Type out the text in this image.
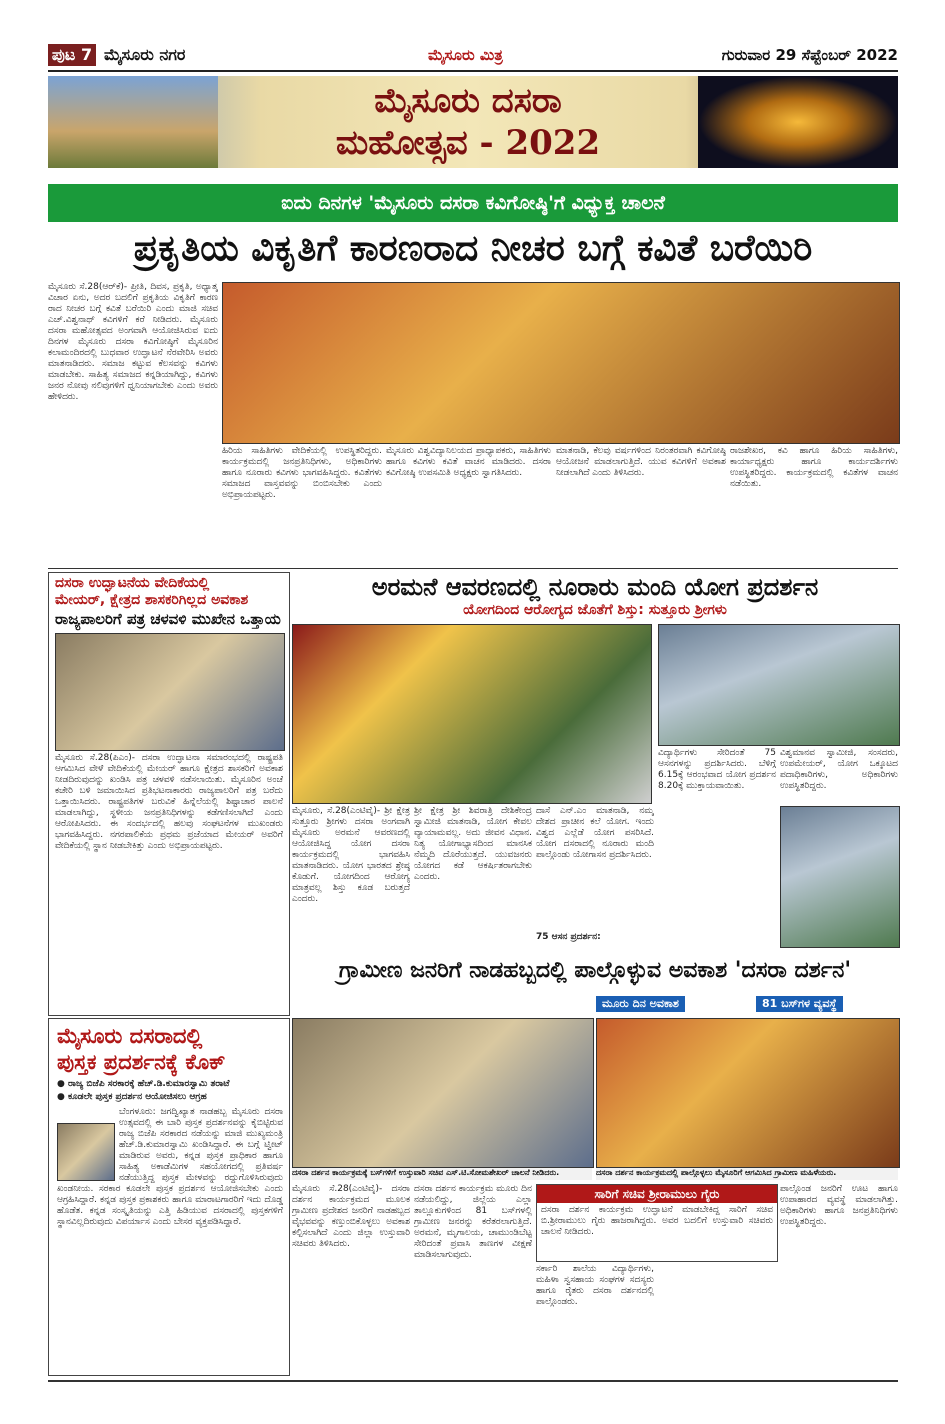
ಪುಟ 7 ಮೈಸೂರು ನಗರ	ಮೈಸೂರು ಮಿತ್ರ	ಗುರುವಾರ 29 ಸೆಪ್ಟೆಂಬರ್ 2022
ಮೈಸೂರು ದಸರಾ
ಮಹೋತ್ಸವ - 2022
ಐದು ದಿನಗಳ 'ಮೈಸೂರು ದಸರಾ ಕವಿಗೋಷ್ಠಿ'ಗೆ ವಿಧ್ಯುಕ್ತ ಚಾಲನೆ
ಪ್ರಕೃತಿಯ ವಿಕೃತಿಗೆ ಕಾರಣರಾದ ನೀಚರ ಬಗ್ಗೆ ಕವಿತೆ ಬರೆಯಿರಿ
ಮೈಸೂರು ಸೆ.28(ಆರ್‌ಕೆ)- ಪ್ರೀತಿ, ದಿವಸ, ಪ್ರಕೃತಿ, ಅಧ್ಯಾತ್ಮ ವಿಚಾರ ಏನು, ಅದರ ಬದಲಿಗೆ ಪ್ರಕೃತಿಯ ವಿಕೃತಿಗೆ ಕಾರಣ ರಾದ ನೀಚರ ಬಗ್ಗೆ ಕವಿತೆ ಬರೆಯಿರಿ ಎಂದು ಮಾಜಿ ಸಚಿವ ಎಚ್.ವಿಶ್ವನಾಥ್ ಕವಿಗಳಿಗೆ ಕರೆ ನೀಡಿದರು. ಮೈಸೂರು ದಸರಾ ಮಹೋತ್ಸವದ ಅಂಗವಾಗಿ ಆಯೋಜಿಸಿರುವ ಐದು ದಿನಗಳ ಮೈಸೂರು ದಸರಾ ಕವಿಗೋಷ್ಠಿಗೆ ಮೈಸೂರಿನ ಕಲಾಮಂದಿರದಲ್ಲಿ ಬುಧವಾರ ಉದ್ಘಾಟನೆ ನೆರವೇರಿಸಿ ಅವರು ಮಾತನಾಡಿದರು. ಸಮಾಜ ಕಟ್ಟುವ ಕೆಲಸವನ್ನು ಕವಿಗಳು ಮಾಡಬೇಕು. ಸಾಹಿತ್ಯ ಸಮಾಜದ ಕನ್ನಡಿಯಾಗಿದ್ದು, ಕವಿಗಳು ಜನರ ನೋವು ನಲಿವುಗಳಿಗೆ ಧ್ವನಿಯಾಗಬೇಕು ಎಂದು ಅವರು ಹೇಳಿದರು.
ಹಿರಿಯ ಸಾಹಿತಿಗಳು ವೇದಿಕೆಯಲ್ಲಿ ಉಪಸ್ಥಿತರಿದ್ದರು. ಕಾರ್ಯಕ್ರಮದಲ್ಲಿ ಜನಪ್ರತಿನಿಧಿಗಳು, ಅಧಿಕಾರಿಗಳು ಹಾಗೂ ನೂರಾರು ಕವಿಗಳು ಭಾಗವಹಿಸಿದ್ದರು. ಕವಿತೆಗಳು ಸಮಾಜದ ವಾಸ್ತವವನ್ನು ಬಿಂಬಿಸಬೇಕು ಎಂದು ಅಭಿಪ್ರಾಯಪಟ್ಟರು.
ಮೈಸೂರು ವಿಶ್ವವಿದ್ಯಾನಿಲಯದ ಪ್ರಾಧ್ಯಾಪಕರು, ಸಾಹಿತಿಗಳು ಹಾಗೂ ಕವಿಗಳು ಕವಿತೆ ವಾಚನ ಮಾಡಿದರು. ದಸರಾ ಕವಿಗೋಷ್ಠಿ ಉಪಸಮಿತಿ ಅಧ್ಯಕ್ಷರು ಸ್ವಾಗತಿಸಿದರು.
ಮಾತನಾಡಿ, ಕೆಲವು ವರ್ಷಗಳಿಂದ ನಿರಂತರವಾಗಿ ಕವಿಗೋಷ್ಠಿ ಆಯೋಜನೆ ಮಾಡಲಾಗುತ್ತಿದೆ. ಯುವ ಕವಿಗಳಿಗೆ ಅವಕಾಶ ನೀಡಲಾಗಿದೆ ಎಂದು ತಿಳಿಸಿದರು.
ರಾಜಶೇಖರ, ಕವಿ ಹಾಗೂ ಹಿರಿಯ ಸಾಹಿತಿಗಳು, ಕಾರ್ಯಾಧ್ಯಕ್ಷರು ಹಾಗೂ ಕಾರ್ಯದರ್ಶಿಗಳು ಉಪಸ್ಥಿತರಿದ್ದರು. ಕಾರ್ಯಕ್ರಮದಲ್ಲಿ ಕವಿತೆಗಳ ವಾಚನ ನಡೆಯಿತು.
ದಸರಾ ಉದ್ಘಾಟನೆಯ ವೇದಿಕೆಯಲ್ಲಿ
ಮೇಯರ್, ಕ್ಷೇತ್ರದ ಶಾಸಕರಿಗಿಲ್ಲದ ಅವಕಾಶ
ರಾಜ್ಯಪಾಲರಿಗೆ ಪತ್ರ ಚಳವಳಿ ಮುಖೇನ ಒತ್ತಾಯ
ಮೈಸೂರು ಸೆ.28(ಪಿಎಂ)- ದಸರಾ ಉದ್ಘಾಟನಾ ಸಮಾರಂಭದಲ್ಲಿ ರಾಷ್ಟ್ರಪತಿ ಆಗಮಿಸಿದ ವೇಳೆ ವೇದಿಕೆಯಲ್ಲಿ ಮೇಯರ್ ಹಾಗೂ ಕ್ಷೇತ್ರದ ಶಾಸಕರಿಗೆ ಅವಕಾಶ ನೀಡದಿರುವುದನ್ನು ಖಂಡಿಸಿ ಪತ್ರ ಚಳವಳಿ ನಡೆಸಲಾಯಿತು. ಮೈಸೂರಿನ ಅಂಚೆ ಕಚೇರಿ ಬಳಿ ಜಮಾಯಿಸಿದ ಪ್ರತಿಭಟನಾಕಾರರು ರಾಜ್ಯಪಾಲರಿಗೆ ಪತ್ರ ಬರೆದು ಒತ್ತಾಯಿಸಿದರು. ರಾಷ್ಟ್ರಪತಿಗಳ ಬರುವಿಕೆ ಹಿನ್ನೆಲೆಯಲ್ಲಿ ಶಿಷ್ಟಾಚಾರ ಪಾಲನೆ ಮಾಡಲಾಗಿದ್ದು, ಸ್ಥಳೀಯ ಜನಪ್ರತಿನಿಧಿಗಳನ್ನು ಕಡೆಗಣಿಸಲಾಗಿದೆ ಎಂದು ಆರೋಪಿಸಿದರು. ಈ ಸಂದರ್ಭದಲ್ಲಿ ಹಲವು ಸಂಘಟನೆಗಳ ಮುಖಂಡರು ಭಾಗವಹಿಸಿದ್ದರು. ನಗರಪಾಲಿಕೆಯ ಪ್ರಥಮ ಪ್ರಜೆಯಾದ ಮೇಯರ್ ಅವರಿಗೆ ವೇದಿಕೆಯಲ್ಲಿ ಸ್ಥಾನ ನೀಡಬೇಕಿತ್ತು ಎಂದು ಅಭಿಪ್ರಾಯಪಟ್ಟರು.
ಅರಮನೆ ಆವರಣದಲ್ಲಿ ನೂರಾರು ಮಂದಿ ಯೋಗ ಪ್ರದರ್ಶನ
ಯೋಗದಿಂದ ಆರೋಗ್ಯದ ಜೊತೆಗೆ ಶಿಸ್ತು: ಸುತ್ತೂರು ಶ್ರೀಗಳು
ವಿದ್ಯಾರ್ಥಿಗಳು ಸೇರಿದಂತೆ 75 ಆಸನಗಳನ್ನು ಪ್ರದರ್ಶಿಸಿದರು. ಬೆಳಿಗ್ಗೆ 6.15ಕ್ಕೆ ಆರಂಭವಾದ ಯೋಗ ಪ್ರದರ್ಶನ 8.20ಕ್ಕೆ ಮುಕ್ತಾಯವಾಯಿತು.
ವಿಶ್ವಮಾನವ ಸ್ವಾಮೀಜಿ, ಸಂಸದರು, ಉಪಮೇಯರ್, ಯೋಗ ಒಕ್ಕೂಟದ ಪದಾಧಿಕಾರಿಗಳು, ಅಧಿಕಾರಿಗಳು ಉಪಸ್ಥಿತರಿದ್ದರು.
ಮೈಸೂರು, ಸೆ.28(ಎಂಟಿವೈ)- ಶ್ರೀ ಕ್ಷೇತ್ರ ಸುತ್ತೂರು ಶ್ರೀಗಳು ದಸರಾ ಅಂಗವಾಗಿ ಮೈಸೂರು ಅರಮನೆ ಆವರಣದಲ್ಲಿ ಆಯೋಜಿಸಿದ್ದ ಯೋಗ ದಸರಾ ಕಾರ್ಯಕ್ರಮದಲ್ಲಿ ಭಾಗವಹಿಸಿ ಮಾತನಾಡಿದರು. ಯೋಗ ಭಾರತದ ಶ್ರೇಷ್ಠ ಕೊಡುಗೆ. ಯೋಗದಿಂದ ಆರೋಗ್ಯ ಮಾತ್ರವಲ್ಲ ಶಿಸ್ತು ಕೂಡ ಬರುತ್ತದೆ ಎಂದರು.
ಶ್ರೀ ಕ್ಷೇತ್ರ ಶ್ರೀ ಶಿವರಾತ್ರಿ ದೇಶಿಕೇಂದ್ರ ಸ್ವಾಮೀಜಿ ಮಾತನಾಡಿ, ಯೋಗ ಕೇವಲ ವ್ಯಾಯಾಮವಲ್ಲ. ಅದು ಜೀವನ ವಿಧಾನ. ನಿತ್ಯ ಯೋಗಾಭ್ಯಾಸದಿಂದ ಮಾನಸಿಕ ನೆಮ್ಮದಿ ದೊರೆಯುತ್ತದೆ. ಯುವಜನರು ಯೋಗದ ಕಡೆ ಆಕರ್ಷಿತರಾಗಬೇಕು ಎಂದರು.
ದಾಸೆ ಎನ್.ಎಂ ಮಾತನಾಡಿ, ನಮ್ಮ ದೇಶದ ಪ್ರಾಚೀನ ಕಲೆ ಯೋಗ. ಇಂದು ವಿಶ್ವದ ಎಲ್ಲೆಡೆ ಯೋಗ ಪಸರಿಸಿದೆ. ಯೋಗ ದಸರಾದಲ್ಲಿ ನೂರಾರು ಮಂದಿ ಪಾಲ್ಗೊಂಡು ಯೋಗಾಸನ ಪ್ರದರ್ಶಿಸಿದರು.
75 ಆಸನ ಪ್ರದರ್ಶನ:
ಗ್ರಾಮೀಣ ಜನರಿಗೆ ನಾಡಹಬ್ಬದಲ್ಲಿ ಪಾಲ್ಗೊಳ್ಳುವ ಅವಕಾಶ 'ದಸರಾ ದರ್ಶನ'
ಮೂರು ದಿನ ಅವಕಾಶ	81 ಬಸ್‌ಗಳ ವ್ಯವಸ್ಥೆ
ದಸರಾ ದರ್ಶನ ಕಾರ್ಯಕ್ರಮಕ್ಕೆ ಬಸ್‌ಗಳಿಗೆ ಉಸ್ತುವಾರಿ ಸಚಿವ ಎಸ್.ಟಿ.ಸೋಮಶೇಖರ್ ಚಾಲನೆ ನೀಡಿದರು.	ದಸರಾ ದರ್ಶನ ಕಾರ್ಯಕ್ರಮದಲ್ಲಿ ಪಾಲ್ಗೊಳ್ಳಲು ಮೈಸೂರಿಗೆ ಆಗಮಿಸಿದ ಗ್ರಾಮೀಣ ಮಹಿಳೆಯರು.
ಮೈಸೂರು ಸೆ.28(ಎಂಟಿವೈ)- ದಸರಾ ದರ್ಶನ ಕಾರ್ಯಕ್ರಮದ ಮೂಲಕ ಗ್ರಾಮೀಣ ಪ್ರದೇಶದ ಜನರಿಗೆ ನಾಡಹಬ್ಬದ ವೈಭವವನ್ನು ಕಣ್ತುಂಬಿಕೊಳ್ಳಲು ಅವಕಾಶ ಕಲ್ಪಿಸಲಾಗಿದೆ ಎಂದು ಜಿಲ್ಲಾ ಉಸ್ತುವಾರಿ ಸಚಿವರು ತಿಳಿಸಿದರು.
ದಸರಾ ದರ್ಶನ ಕಾರ್ಯಕ್ರಮ ಮೂರು ದಿನ ನಡೆಯಲಿದ್ದು, ಜಿಲ್ಲೆಯ ಎಲ್ಲಾ ತಾಲ್ಲೂಕುಗಳಿಂದ 81 ಬಸ್‌ಗಳಲ್ಲಿ ಗ್ರಾಮೀಣ ಜನರನ್ನು ಕರೆತರಲಾಗುತ್ತಿದೆ. ಅರಮನೆ, ಮೃಗಾಲಯ, ಚಾಮುಂಡಿಬೆಟ್ಟ ಸೇರಿದಂತೆ ಪ್ರವಾಸಿ ತಾಣಗಳ ವೀಕ್ಷಣೆ ಮಾಡಿಸಲಾಗುವುದು.
ಸಾರಿಗೆ ಸಚಿವ ಶ್ರೀರಾಮುಲು ಗೈರು
ದಸರಾ ದರ್ಶನ ಕಾರ್ಯಕ್ರಮ ಉದ್ಘಾಟನೆ ಮಾಡಬೇಕಿದ್ದ ಸಾರಿಗೆ ಸಚಿವ ಬಿ.ಶ್ರೀರಾಮುಲು ಗೈರು ಹಾಜರಾಗಿದ್ದರು. ಅವರ ಬದಲಿಗೆ ಉಸ್ತುವಾರಿ ಸಚಿವರು ಚಾಲನೆ ನೀಡಿದರು.
ಸರ್ಕಾರಿ ಶಾಲೆಯ ವಿದ್ಯಾರ್ಥಿಗಳು, ಮಹಿಳಾ ಸ್ವಸಹಾಯ ಸಂಘಗಳ ಸದಸ್ಯರು ಹಾಗೂ ರೈತರು ದಸರಾ ದರ್ಶನದಲ್ಲಿ ಪಾಲ್ಗೊಂಡರು.
ಪಾಲ್ಗೊಂಡ ಜನರಿಗೆ ಊಟ ಹಾಗೂ ಉಪಾಹಾರದ ವ್ಯವಸ್ಥೆ ಮಾಡಲಾಗಿತ್ತು. ಅಧಿಕಾರಿಗಳು ಹಾಗೂ ಜನಪ್ರತಿನಿಧಿಗಳು ಉಪಸ್ಥಿತರಿದ್ದರು.
ಮೈಸೂರು ದಸರಾದಲ್ಲಿ
ಪುಸ್ತಕ ಪ್ರದರ್ಶನಕ್ಕೆ ಕೊಕ್
● ರಾಜ್ಯ ಬಿಜೆಪಿ ಸರಕಾರಕ್ಕೆ ಹೆಚ್.ಡಿ.ಕುಮಾರಸ್ವಾಮಿ ತರಾಟೆ
● ಕೂಡಲೇ ಪುಸ್ತಕ ಪ್ರದರ್ಶನ ಆಯೋಜಿಸಲು ಆಗ್ರಹ
ಬೆಂಗಳೂರು: ಜಗದ್ವಿಖ್ಯಾತ ನಾಡಹಬ್ಬ ಮೈಸೂರು ದಸರಾ ಉತ್ಸವದಲ್ಲಿ ಈ ಬಾರಿ ಪುಸ್ತಕ ಪ್ರದರ್ಶನವನ್ನು ಕೈಬಿಟ್ಟಿರುವ ರಾಜ್ಯ ಬಿಜೆಪಿ ಸರಕಾರದ ನಡೆಯನ್ನು ಮಾಜಿ ಮುಖ್ಯಮಂತ್ರಿ ಹೆಚ್.ಡಿ.ಕುಮಾರಸ್ವಾಮಿ ಖಂಡಿಸಿದ್ದಾರೆ. ಈ ಬಗ್ಗೆ ಟ್ವೀಟ್ ಮಾಡಿರುವ ಅವರು, ಕನ್ನಡ ಪುಸ್ತಕ ಪ್ರಾಧಿಕಾರ ಹಾಗೂ ಸಾಹಿತ್ಯ ಅಕಾಡೆಮಿಗಳ ಸಹಯೋಗದಲ್ಲಿ ಪ್ರತಿವರ್ಷ ನಡೆಯುತ್ತಿದ್ದ ಪುಸ್ತಕ ಮೇಳವನ್ನು ರದ್ದುಗೊಳಿಸಿರುವುದು ಖಂಡನೀಯ. ಸರಕಾರ ಕೂಡಲೇ ಪುಸ್ತಕ ಪ್ರದರ್ಶನ ಆಯೋಜಿಸಬೇಕು ಎಂದು ಆಗ್ರಹಿಸಿದ್ದಾರೆ. ಕನ್ನಡ ಪುಸ್ತಕ ಪ್ರಕಾಶಕರು ಹಾಗೂ ಮಾರಾಟಗಾರರಿಗೆ ಇದು ದೊಡ್ಡ ಹೊಡೆತ. ಕನ್ನಡ ಸಂಸ್ಕೃತಿಯನ್ನು ಎತ್ತಿ ಹಿಡಿಯುವ ದಸರಾದಲ್ಲಿ ಪುಸ್ತಕಗಳಿಗೆ ಸ್ಥಾನವಿಲ್ಲದಿರುವುದು ವಿಪರ್ಯಾಸ ಎಂದು ಬೇಸರ ವ್ಯಕ್ತಪಡಿಸಿದ್ದಾರೆ.
